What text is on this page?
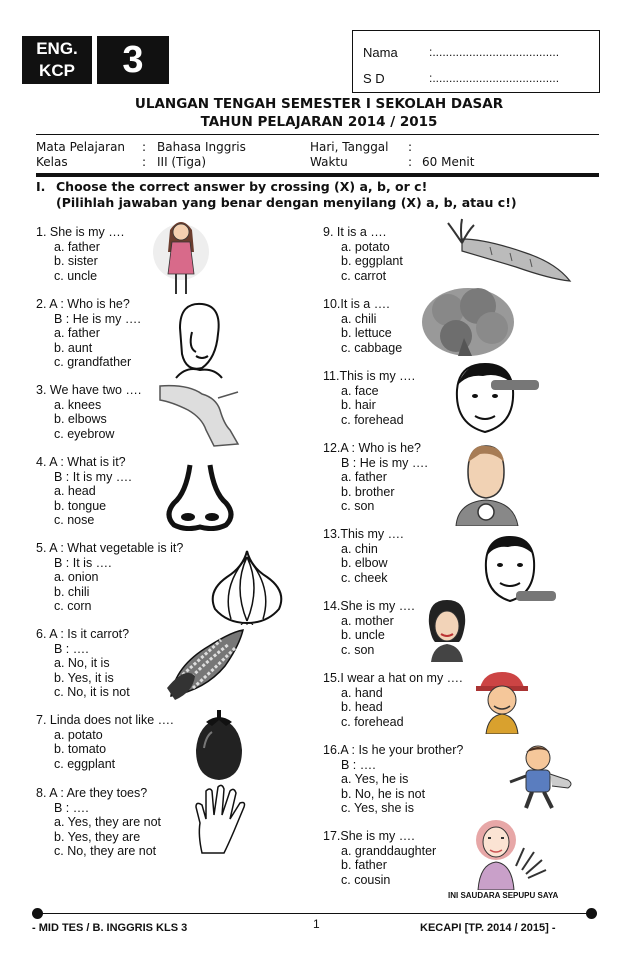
ENG.
KCP	3	Nama	:......................................
S D	:......................................
ULANGAN TENGAH SEMESTER I SEKOLAH DASAR
TAHUN PELAJARAN 2014 / 2015
Mata Pelajaran : Bahasa Inggris
Kelas	: III (Tiga)
Hari, Tanggal :
Waktu	: 60 Menit
I. Choose the correct answer by crossing (X) a, b, or c!
(Pilihlah jawaban yang benar dengan menyilang (X) a, b, atau c!)
1. She is my ….
a. father
b. sister
c. uncle
2. A : Who is he?
B : He is my ….
a. father
b. aunt
c. grandfather
3. We have two ….
a. knees
b. elbows
c. eyebrow
4. A : What is it?
B : It is my ….
a. head
b. tongue
c. nose
5. A : What vegetable is it?
B : It is ….
a. onion
b. chili
c. corn
6. A : Is it carrot?
B : ….
a. No, it is
b. Yes, it is
c. No, it is not
7. Linda does not like ….
a. potato
b. tomato
c. eggplant
8. A : Are they toes?
B : ….
a. Yes, they are not
b. Yes, they are
c. No, they are not
9. It is a ….
a. potato
b. eggplant
c. carrot
10.It is a ….
a. chili
b. lettuce
c. cabbage
11.This is my ….
a. face
b. hair
c. forehead
12.A : Who is he?
B : He is my ….
a. father
b. brother
c. son
13.This my ….
a. chin
b. elbow
c. cheek
14.She is my ….
a. mother
b. uncle
c. son
15.I wear a hat on my ….
a. hand
b. head
c. forehead
16.A : Is he your brother?
B : ….
a. Yes, he is
b. No, he is not
c. Yes, she is
17.She is my ….
a. granddaughter
b. father
c. cousin
INI SAUDARA SEPUPU SAYA
- MID TES / B. INGGRIS KLS 3	1	KECAPI [TP. 2014 / 2015] -
